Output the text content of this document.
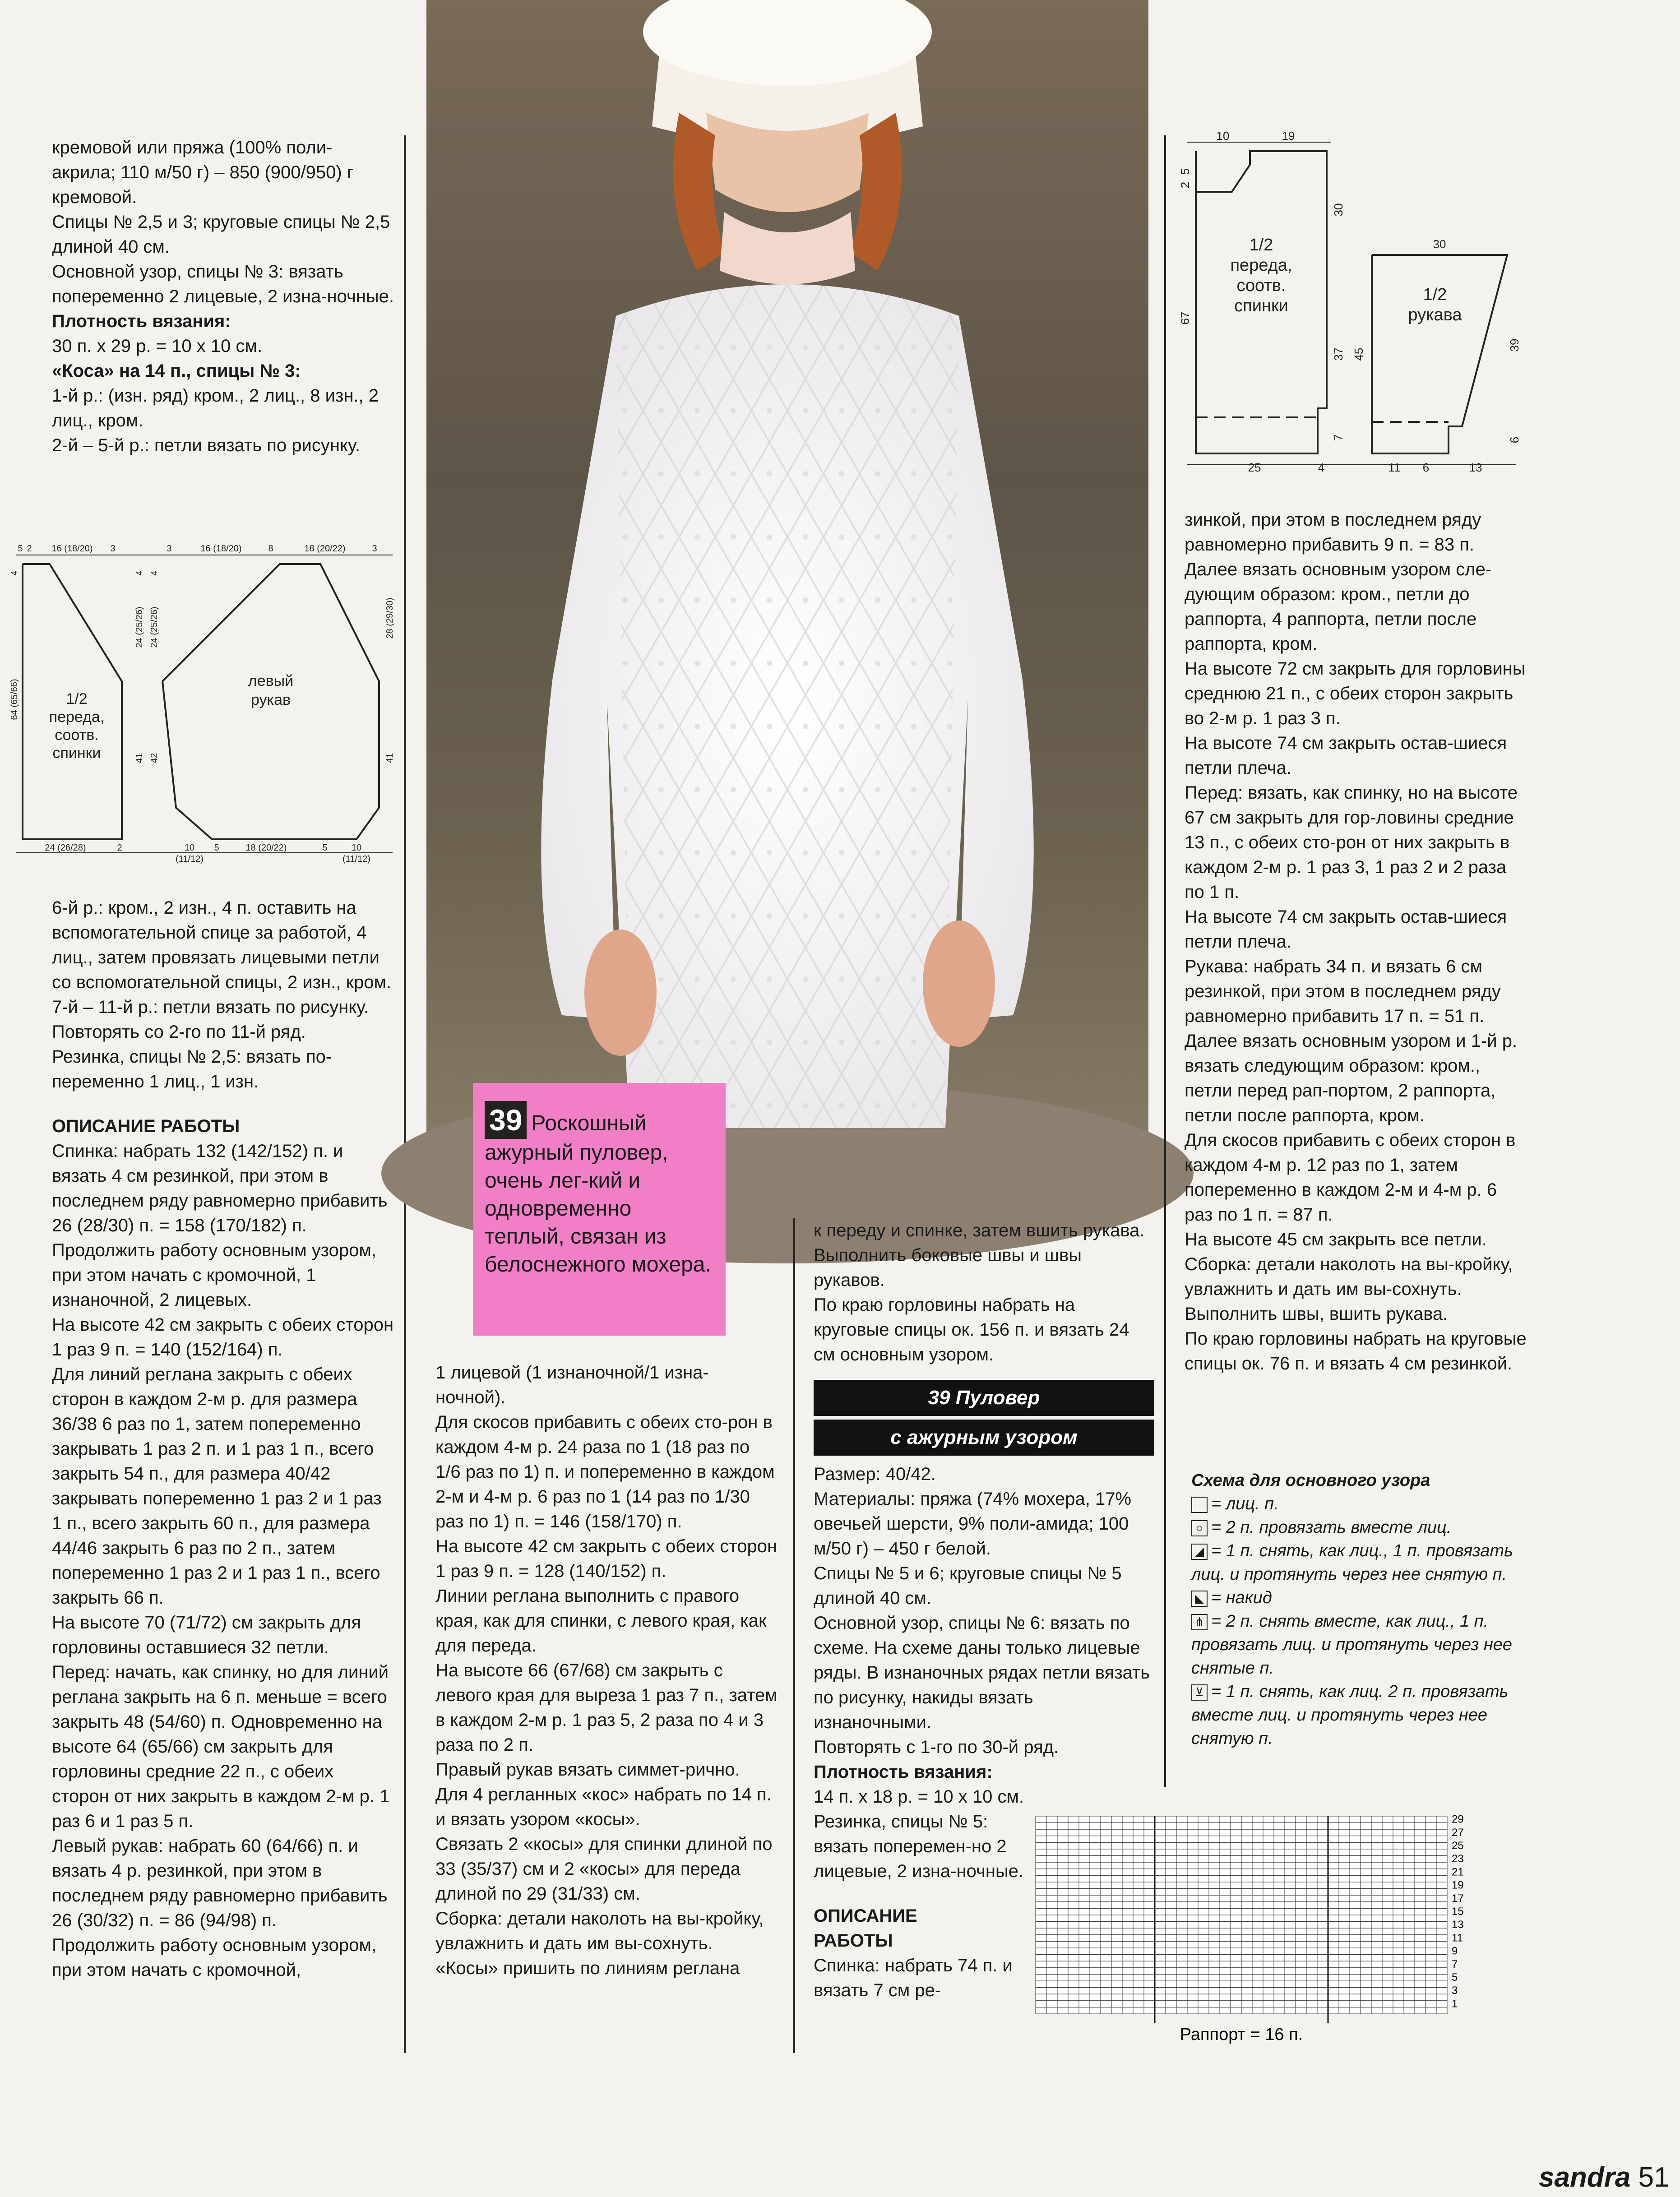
кремовой или пряжа (100% поли-акрила; 110 м/50 г) – 850 (900/950) г кремовой.

Спицы № 2,5 и 3; круговые спицы № 2,5 длиной 40 см.

Основной узор, спицы № 3: вязать попеременно 2 лицевые, 2 изна-ночные.

Плотность вязания:

30 п. x 29 р. = 10 x 10 см.

«Коса» на 14 п., спицы № 3:

1-й р.: (изн. ряд) кром., 2 лиц., 8 изн., 2 лиц., кром.

2-й – 5-й р.: петли вязать по рисунку.

1/2
переда,
соотв.
спинки
левый
рукав
5 2 16 (18/20) 3	3	16 (18/20)	8	18 (20/22)	3
24 (26/28)	2	10 5	18 (20/22)	5	10
(11/12)	(11/12)
64 (65/66)
41
24 (25/26)
42
24 (25/26)	28 (29/30)
41
4 4
4

6-й р.: кром., 2 изн., 4 п. оставить на вспомогательной спице за работой, 4 лиц., затем провязать лицевыми петли со вспомогательной спицы, 2 изн., кром.

7-й – 11-й р.: петли вязать по рисунку.

Повторять со 2-го по 11-й ряд.

Резинка, спицы № 2,5: вязать по-переменно 1 лиц., 1 изн.

ОПИСАНИЕ РАБОТЫ

Спинка: набрать 132 (142/152) п. и вязать 4 см резинкой, при этом в последнем ряду равномерно прибавить 26 (28/30) п. = 158 (170/182) п.

Продолжить работу основным узором, при этом начать с кромочной, 1 изнаночной, 2 лицевых.

На высоте 42 см закрыть с обеих сторон 1 раз 9 п. = 140 (152/164) п.

Для линий реглана закрыть с обеих сторон в каждом 2-м р. для размера 36/38 6 раз по 1, затем попеременно закрывать 1 раз 2 п. и 1 раз 1 п., всего закрыть 54 п., для размера 40/42 закрывать попеременно 1 раз 2 и 1 раз 1 п., всего закрыть 60 п., для размера 44/46 закрыть 6 раз по 2 п., затем попеременно 1 раз 2 и 1 раз 1 п., всего закрыть 66 п.

На высоте 70 (71/72) см закрыть для горловины оставшиеся 32 петли.

Перед: начать, как спинку, но для линий реглана закрыть на 6 п. меньше = всего закрыть 48 (54/60) п. Одновременно на высоте 64 (65/66) см закрыть для горловины средние 22 п., с обеих сторон от них закрыть в каждом 2-м р. 1 раз 6 и 1 раз 5 п.

Левый рукав: набрать 60 (64/66) п. и вязать 4 р. резинкой, при этом в последнем ряду равномерно прибавить 26 (30/32) п. = 86 (94/98) п.

Продолжить работу основным узором, при этом начать с кромочной,

39 Роскошный ажурный пуловер, очень лег-кий и одновременно теплый, связан из белоснежного мохера.

1 лицевой (1 изнаночной/1 изна-ночной).

Для скосов прибавить с обеих сто-рон в каждом 4-м р. 24 раза по 1 (18 раз по 1/6 раз по 1) п. и попеременно в каждом 2-м и 4-м р. 6 раз по 1 (14 раз по 1/30 раз по 1) п. = 146 (158/170) п.

На высоте 42 см закрыть с обеих сторон 1 раз 9 п. = 128 (140/152) п.

Линии реглана выполнить с правого края, как для спинки, с левого края, как для переда.

На высоте 66 (67/68) см закрыть с левого края для выреза 1 раз 7 п., затем в каждом 2-м р. 1 раз 5, 2 раза по 4 и 3 раза по 2 п.

Правый рукав вязать симмет-рично.

Для 4 регланных «кос» набрать по 14 п. и вязать узором «косы».

Связать 2 «косы» для спинки длиной по 33 (35/37) см и 2 «косы» для переда длиной по 29 (31/33) см.

Сборка: детали наколоть на вы-кройку, увлажнить и дать им вы-сохнуть.

«Косы» пришить по линиям реглана

к переду и спинке, затем вшить рукава. Выполнить боковые швы и швы рукавов.

По краю горловины набрать на круговые спицы ок. 156 п. и вязать 24 см основным узором.

39 Пуловер
с ажурным узором

Размер: 40/42.

Материалы: пряжа (74% мохера, 17% овечьей шерсти, 9% поли-амида; 100 м/50 г) – 450 г белой.

Спицы № 5 и 6; круговые спицы № 5 длиной 40 см.

Основной узор, спицы № 6: вязать по схеме. На схеме даны только лицевые ряды. В изнаночных рядах петли вязать по рисунку, накиды вязать изнаночными.

Повторять с 1-го по 30-й ряд.

Плотность вязания:

14 п. x 18 р. = 10 x 10 см.

Резинка, спицы № 5: вязать поперемен-но 2 лицевые, 2 изна-ночные.

ОПИСАНИЕ РАБОТЫ

Спинка: набрать 74 п. и вязать 7 см ре-

1/2
переда,
соотв.
спинки
1/2
рукава
10	19
30
25	4	11 6	13
67
30
37
7
45
39
6
5
2

зинкой, при этом в последнем ряду равномерно прибавить 9 п. = 83 п.

Далее вязать основным узором сле-дующим образом: кром., петли до раппорта, 4 раппорта, петли после раппорта, кром.

На высоте 72 см закрыть для горловины среднюю 21 п., с обеих сторон закрыть во 2-м р. 1 раз 3 п.

На высоте 74 см закрыть остав-шиеся петли плеча.

Перед: вязать, как спинку, но на высоте 67 см закрыть для гор-ловины средние 13 п., с обеих сто-рон от них закрыть в каждом 2-м р. 1 раз 3, 1 раз 2 и 2 раза по 1 п.

На высоте 74 см закрыть остав-шиеся петли плеча.

Рукава: набрать 34 п. и вязать 6 см резинкой, при этом в последнем ряду равномерно прибавить 17 п. = 51 п. Далее вязать основным узором и 1-й р. вязать следующим образом: кром., петли перед рап-портом, 2 раппорта, петли после раппорта, кром.

Для скосов прибавить с обеих сторон в каждом 4-м р. 12 раз по 1, затем попеременно в каждом 2-м и 4-м р. 6 раз по 1 п. = 87 п.

На высоте 45 см закрыть все петли.

Сборка: детали наколоть на вы-кройку, увлажнить и дать им вы-сохнуть. Выполнить швы, вшить рукава.

По краю горловины набрать на круговые спицы ок. 76 п. и вязать 4 см резинкой.

Схема для основного узора
= лиц. п.
○ = 2 п. провязать вместе лиц.
◢ = 1 п. снять, как лиц., 1 п. провязать лиц. и протянуть через нее снятую п.
◣ = накид
⋔ = 2 п. снять вместе, как лиц., 1 п. провязать лиц. и протянуть через нее снятые п.
⊻ = 1 п. снять, как лиц. 2 п. провязать вместе лиц. и протянуть через нее снятую п.
29
27
25
23
21
19
17
15
13
11
9
7
5
3
1
Раппорт = 16 п.
sandra 51
